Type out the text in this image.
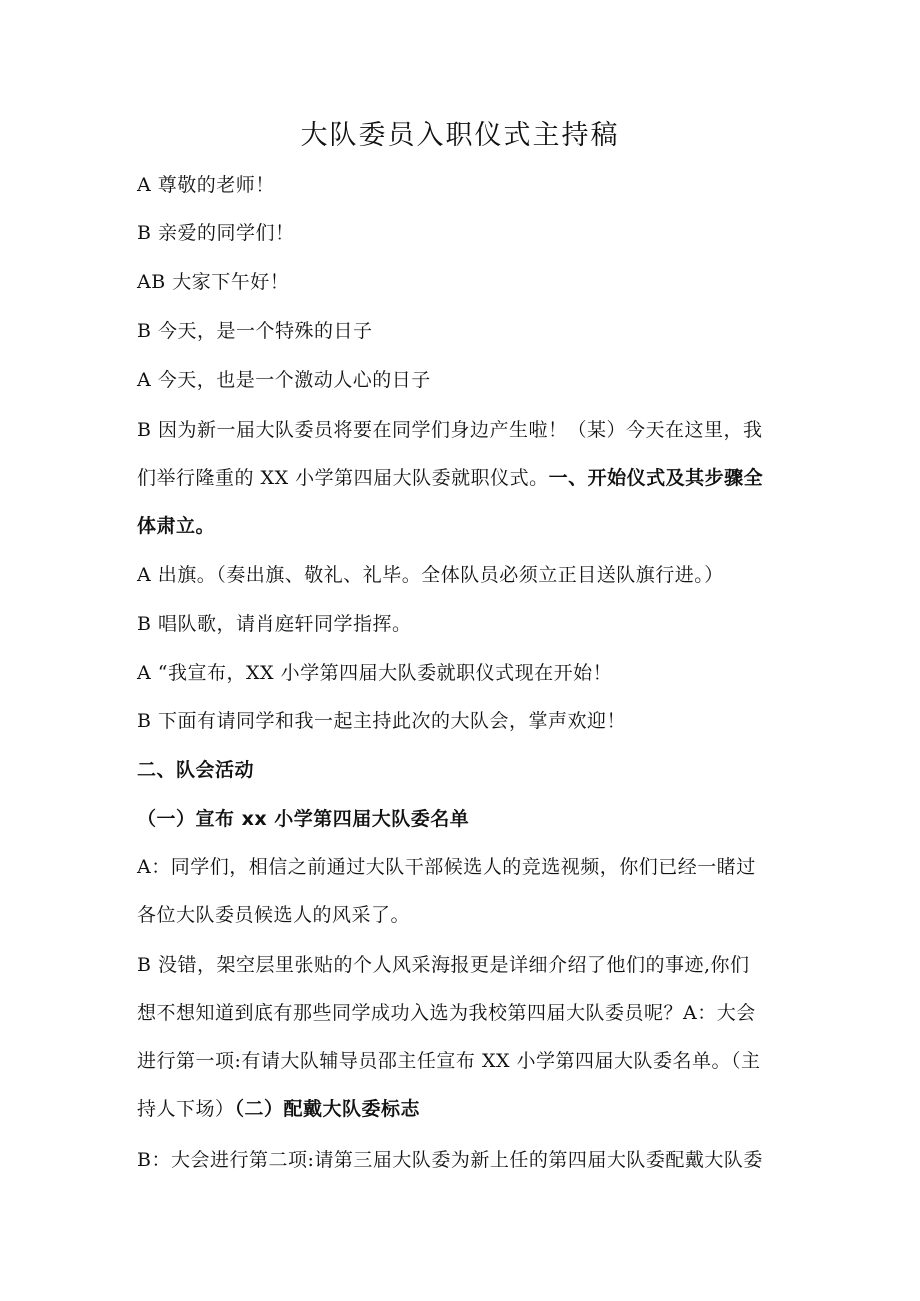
大队委员入职仪式主持稿
A 尊敬的老师！
B 亲爱的同学们！
AB 大家下午好！
B 今天，是一个特殊的日子
A 今天，也是一个激动人心的日子
B 因为新一届大队委员将要在同学们身边产生啦！（某）今天在这里，我
们举行隆重的 XX 小学第四届大队委就职仪式。一、开始仪式及其步骤全
体肃立。
A 出旗。（奏出旗、敬礼、礼毕。全体队员必须立正目送队旗行进。）
B 唱队歌，请肖庭轩同学指挥。
A “我宣布，XX 小学第四届大队委就职仪式现在开始！
B 下面有请同学和我一起主持此次的大队会，掌声欢迎！
二、队会活动
（一）宣布 xx 小学第四届大队委名单
A：同学们，相信之前通过大队干部候选人的竞选视频，你们已经一睹过
各位大队委员候选人的风采了。
B 没错，架空层里张贴的个人风采海报更是详细介绍了他们的事迹,你们
想不想知道到底有那些同学成功入选为我校第四届大队委员呢？A：大会
进行第一项:有请大队辅导员邵主任宣布 XX 小学第四届大队委名单。（主
持人下场）（二）配戴大队委标志
B：大会进行第二项:请第三届大队委为新上任的第四届大队委配戴大队委
